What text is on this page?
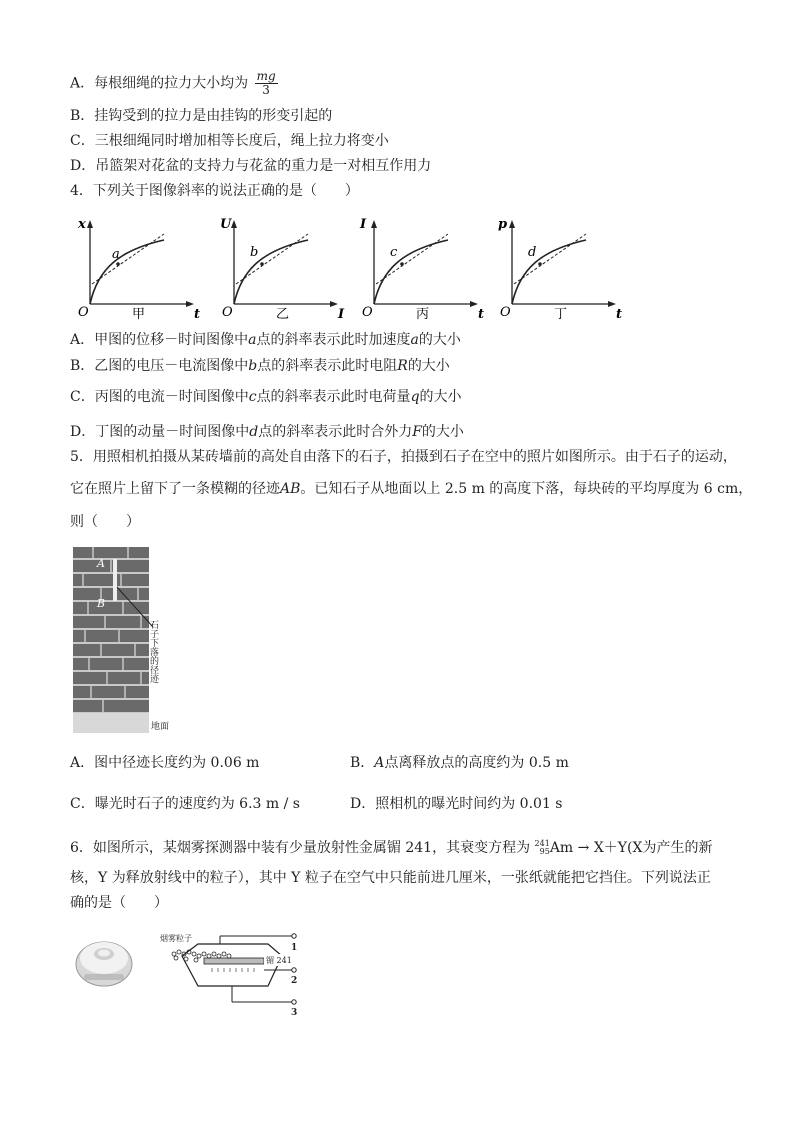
A．每根细绳的拉力大小均为 $\frac{mg}{3}$
B．挂钩受到的拉力是由挂钩的形变引起的
C．三根细绳同时增加相等长度后，绳上拉力将变小
D．吊篮架对花盆的支持力与花盆的重力是一对相互作用力
4．下列关于图像斜率的说法正确的是（　　）
x
t
O
a
甲
U
I
O
b
乙
I
t
O
c
丙
p
t
O
d
丁
A．甲图的位移－时间图像中a点的斜率表示此时加速度a的大小
B．乙图的电压－电流图像中b点的斜率表示此时电阻R的大小
C．丙图的电流－时间图像中c点的斜率表示此时电荷量q的大小
D．丁图的动量－时间图像中d点的斜率表示此时合外力F的大小
5．用照相机拍摄从某砖墙前的高处自由落下的石子，拍摄到石子在空中的照片如图所示。由于石子的运动，
它在照片上留下了一条模糊的径迹AB。已知石子从地面以上 2.5 m 的高度下落，每块砖的平均厚度为 6 cm，
则（　　）
A
B
石子下落的径迹
地面
A．图中径迹长度约为 0.06 m	B．A点离释放点的高度约为 0.5 m
C．曝光时石子的速度约为 6.3 m / s	D．照相机的曝光时间约为 0.01 s
6．如图所示，某烟雾探测器中装有少量放射性金属镅 241，其衰变方程为 241
95 Am → X＋Y(X为产生的新
核，Y 为释放射线中的粒子），其中 Y 粒子在空气中只能前进几厘米，一张纸就能把它挡住。下列说法正
确的是（　　）
烟雾粒子
镅 241
1
2
3
